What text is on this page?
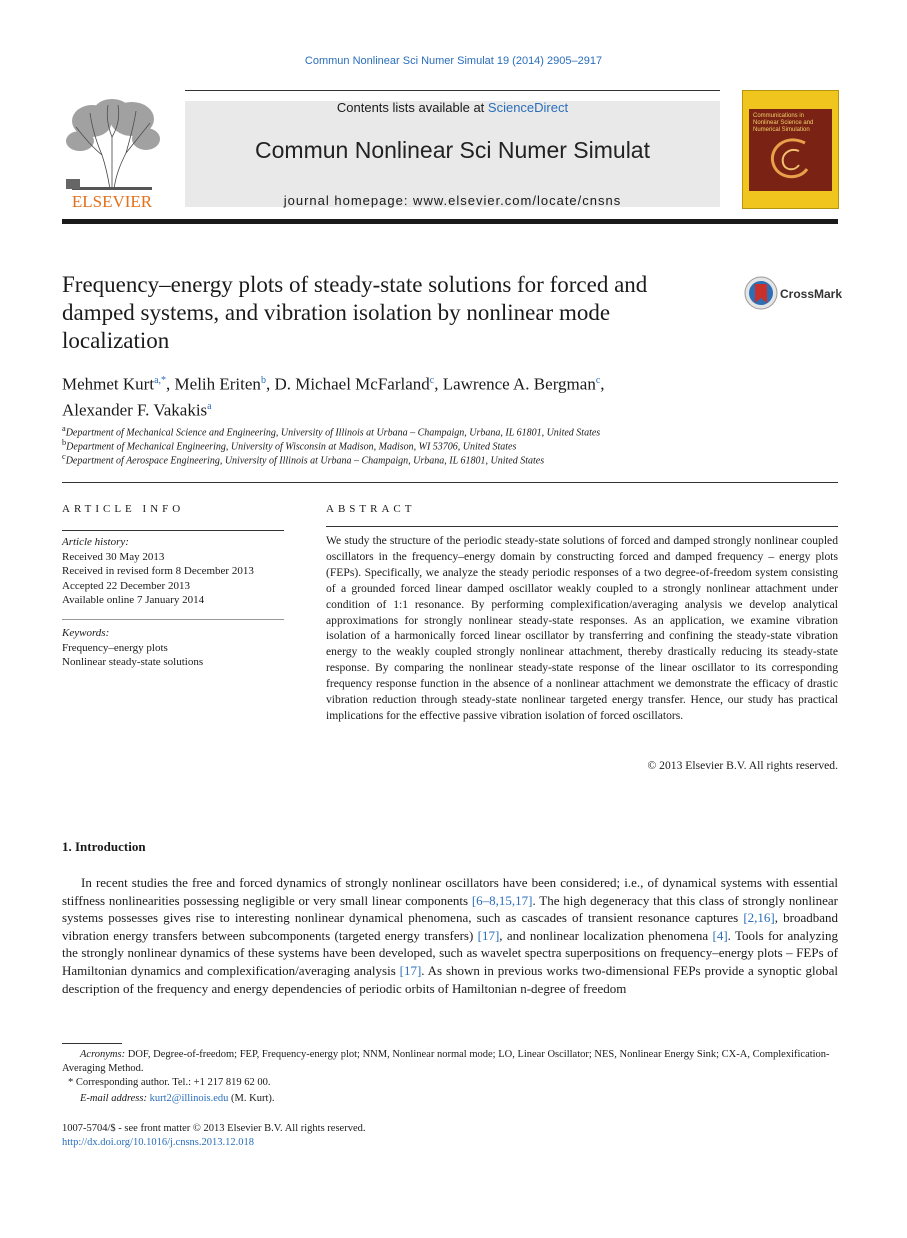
Commun Nonlinear Sci Numer Simulat 19 (2014) 2905–2917
Contents lists available at ScienceDirect
Commun Nonlinear Sci Numer Simulat
journal homepage: www.elsevier.com/locate/cnsns
ELSEVIER
Communications in Nonlinear Science and Numerical Simulation
Frequency–energy plots of steady-state solutions for forced and damped systems, and vibration isolation by nonlinear mode localization
CrossMark
Mehmet Kurt$^{a,*}$, Melih Eriten$^b$, D. Michael McFarland$^c$, Lawrence A. Bergman$^c$,
Alexander F. Vakakis$^a$
$^a$Department of Mechanical Science and Engineering, University of Illinois at Urbana – Champaign, Urbana, IL 61801, United States
$^b$Department of Mechanical Engineering, University of Wisconsin at Madison, Madison, WI 53706, United States
$^c$Department of Aerospace Engineering, University of Illinois at Urbana – Champaign, Urbana, IL 61801, United States
ARTICLE INFO
Article history:
Received 30 May 2013
Received in revised form 8 December 2013
Accepted 22 December 2013
Available online 7 January 2014
Keywords:
Frequency–energy plots
Nonlinear steady-state solutions
ABSTRACT
We study the structure of the periodic steady-state solutions of forced and damped strongly nonlinear coupled oscillators in the frequency–energy domain by constructing forced and damped frequency – energy plots (FEPs). Specifically, we analyze the steady periodic responses of a two degree-of-freedom system consisting of a grounded forced linear damped oscillator weakly coupled to a strongly nonlinear attachment under condition of 1:1 resonance. By performing complexification/averaging analysis we develop analytical approximations for strongly nonlinear steady-state responses. As an application, we examine vibration isolation of a harmonically forced linear oscillator by transferring and confining the steady-state vibration energy to the weakly coupled strongly nonlinear attachment, thereby drastically reducing its steady-state response. By comparing the nonlinear steady-state response of the linear oscillator to its corresponding frequency response function in the absence of a nonlinear attachment we demonstrate the efficacy of drastic vibration reduction through steady-state nonlinear targeted energy transfer. Hence, our study has practical implications for the effective passive vibration isolation of forced oscillators.
© 2013 Elsevier B.V. All rights reserved.
1. Introduction
In recent studies the free and forced dynamics of strongly nonlinear oscillators have been considered; i.e., of dynamical systems with essential stiffness nonlinearities possessing negligible or very small linear components [6–8,15,17]. The high degeneracy that this class of strongly nonlinear systems possesses gives rise to interesting nonlinear dynamical phenomena, such as cascades of transient resonance captures [2,16], broadband vibration energy transfers between subcomponents (targeted energy transfers) [17], and nonlinear localization phenomena [4]. Tools for analyzing the strongly nonlinear dynamics of these systems have been developed, such as wavelet spectra superpositions on frequency–energy plots – FEPs of Hamiltonian dynamics and complexification/averaging analysis [17]. As shown in previous works two-dimensional FEPs provide a synoptic global description of the frequency and energy dependencies of periodic orbits of Hamiltonian n-degree of freedom
Acronyms: DOF, Degree-of-freedom; FEP, Frequency-energy plot; NNM, Nonlinear normal mode; LO, Linear Oscillator; NES, Nonlinear Energy Sink; CX-A, Complexification-Averaging Method.
* Corresponding author. Tel.: +1 217 819 62 00.
E-mail address: kurt2@illinois.edu (M. Kurt).
1007-5704/$ - see front matter © 2013 Elsevier B.V. All rights reserved.
http://dx.doi.org/10.1016/j.cnsns.2013.12.018
